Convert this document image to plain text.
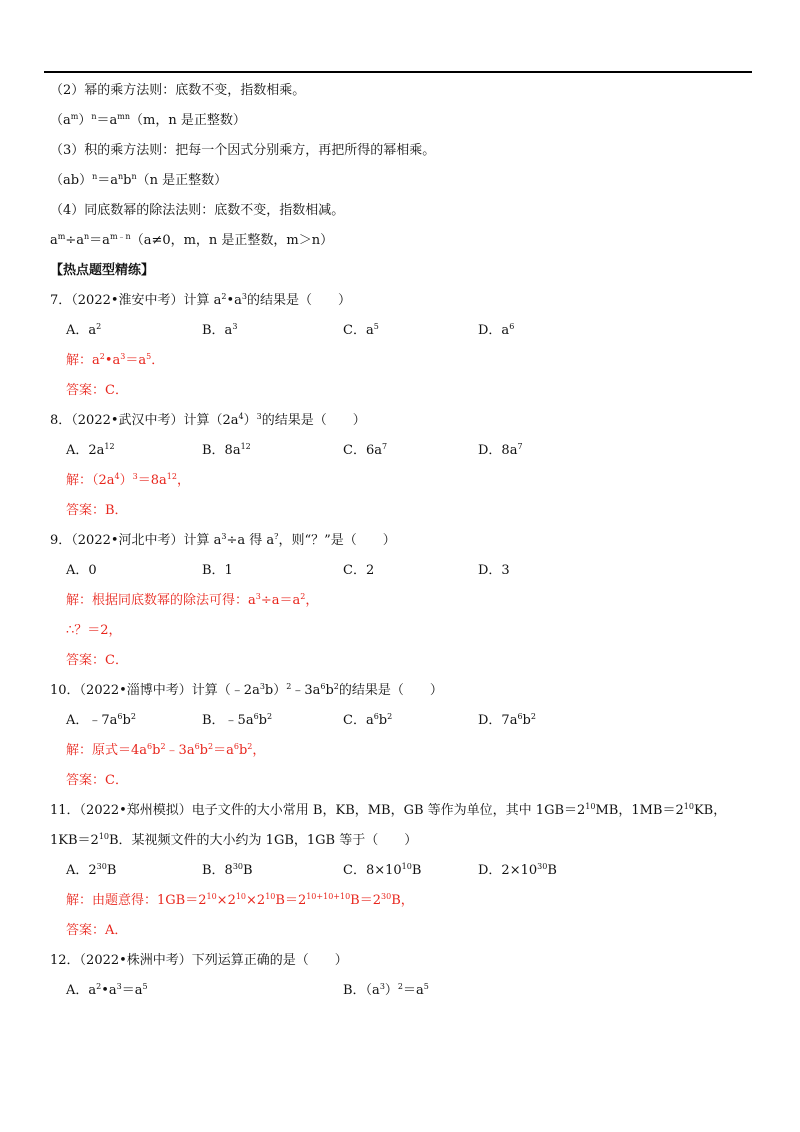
（2）幂的乘方法则：底数不变，指数相乘。
$(a^m)^n=a^{mn}(m$，n 是正整数）
（3）积的乘方法则：把每一个因式分别乘方，再把所得的幂相乘。
$(ab)^n=a^nb^n(n$ 是正整数）
（4）同底数幂的除法法则：底数不变，指数相减。
$a^m\div a^n=a^{m﹣n}(a\ne 0$，m，n 是正整数，m＞n）
【热点题型精练】
7．（2022•淮安中考）计算 $a^2•a^3$的结果是（　　）
A．$a^2$	B．$a^3$	C．$a^5$	D．$a^6$
解：$a^2•a^3=a^5$．
答案：C．
8．（2022•武汉中考）计算$(2a^4)^3$的结果是（　　）
A．$2a^{12}$	B．$8a^{12}$	C．$6a^7$	D．$8a^7$
解：$(2a^4)^3=8a^{12}$，
答案：B．
9．（2022•河北中考）计算 $a^3\div a$ 得 a?，则“？”是（　　）
A．0	B．1	C．2	D．3
解：根据同底数幂的除法可得：$a^3\div a=a^2$，
∴？＝2，
答案：C．
10．（2022•淄博中考）计算$(﹣2a^3b)^2﹣3a^6b^2$的结果是（　　）
A．$﹣7a^6b^2$	B．$﹣5a^6b^2$	C．$a^6b^2$	D．$7a^6b^2$
解：原式$=4a^6b^2﹣3a^6b^2=a^6b^2$，
答案：C．
11．（2022•郑州模拟）电子文件的大小常用 B，KB，MB，GB 等作为单位，其中 $1GB=2^{10}MB$，$1MB=2^{10}KB$，
$1KB=2^{10}B$．某视频文件的大小约为 1GB，1GB 等于（　　）
A．$2^{30}B$	B．$8^{30}B$	C．$8\times 10^{10}B$	D．$2\times 10^{30}B$
解：由题意得：$1GB=2^{10}\times 2^{10}\times 2^{10}B=2^{10+10+10}B=2^{30}B$，
答案：A．
12．（2022•株洲中考）下列运算正确的是（　　）
A．$a^2•a^3=a^5$	B．$(a^3)^2=a^5$
